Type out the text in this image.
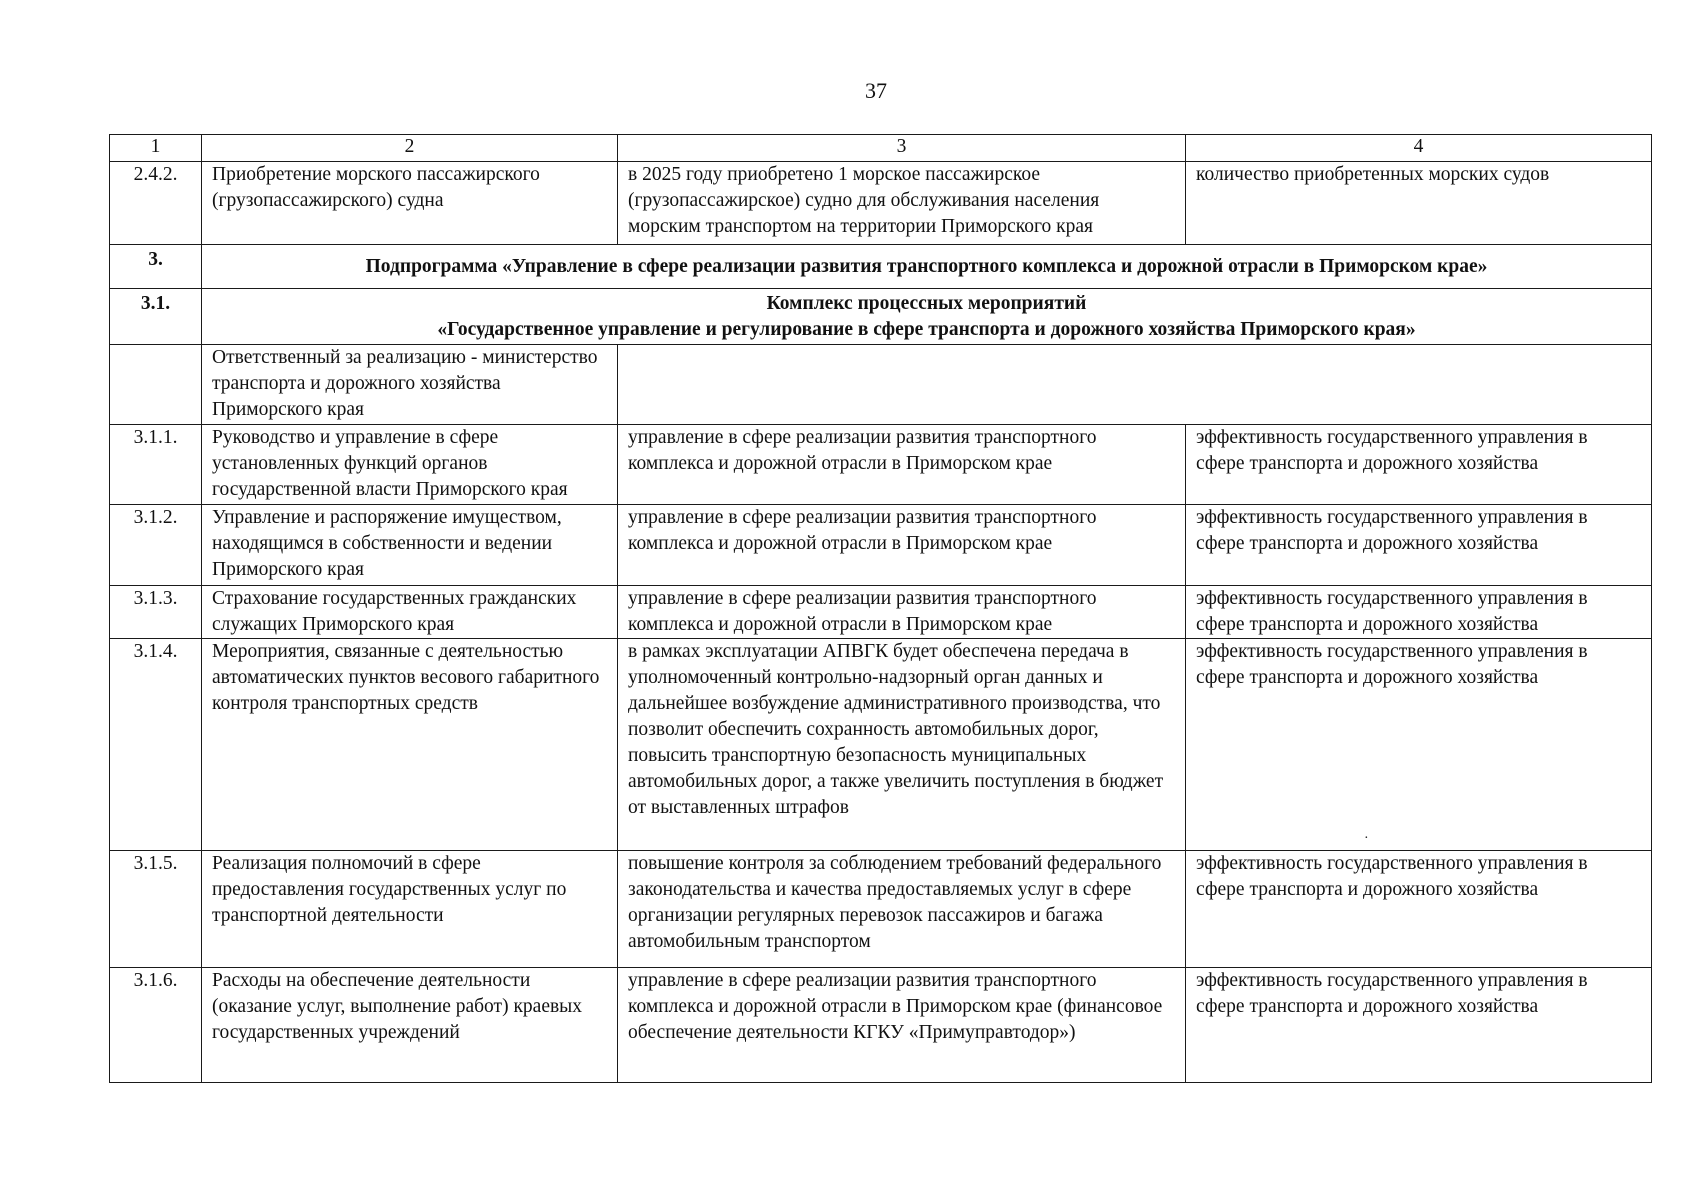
37
1	2	3	4
2.4.2.	Приобретение морского пассажирского (грузопассажирского) судна	в 2025 году приобретено 1 морское пассажирское (грузопассажирское) судно для обслуживания населения морским транспортом на территории Приморского края	количество приобретенных морских судов
3.	Подпрограмма «Управление в сфере реализации развития транспортного комплекса и дорожной отрасли в Приморском крае»		
3.1.	Комплекс процессных мероприятий
«Государственное управление и регулирование в сфере транспорта и дорожного хозяйства Приморского края»		

	Ответственный за реализацию - министерство транспорта и дорожного хозяйства Приморского края		
3.1.1.	Руководство и управление в сфере установленных функций органов государственной власти Приморского края	управление в сфере реализации развития транспортного комплекса и дорожной отрасли в Приморском крае	эффективность государственного управления в сфере транспорта и дорожного хозяйства
3.1.2.	Управление и распоряжение имуществом, находящимся в собственности и ведении Приморского края	управление в сфере реализации развития транспортного комплекса и дорожной отрасли в Приморском крае	эффективность государственного управления в сфере транспорта и дорожного хозяйства
3.1.3.	Страхование государственных гражданских служащих Приморского края	управление в сфере реализации развития транспортного комплекса и дорожной отрасли в Приморском крае	эффективность государственного управления в сфере транспорта и дорожного хозяйства
3.1.4.	Мероприятия, связанные с деятельностью автоматических пунктов весового габаритного контроля транспортных средств	в рамках эксплуатации АПВГК будет обеспечена передача в уполномоченный контрольно-надзорный орган данных и дальнейшее возбуждение административного производства, что позволит обеспечить сохранность автомобильных дорог, повысить транспортную безопасность муниципальных автомобильных дорог, а также увеличить поступления в бюджет от выставленных штрафов	эффективность государственного управления в сфере транспорта и дорожного хозяйства
3.1.5.	Реализация полномочий в сфере предоставления государственных услуг по транспортной деятельности	повышение контроля за соблюдением требований федерального законодательства и качества предоставляемых услуг в сфере организации регулярных перевозок пассажиров и багажа автомобильным транспортом	эффективность государственного управления в сфере транспорта и дорожного хозяйства
3.1.6.	Расходы на обеспечение деятельности (оказание услуг, выполнение работ) краевых государственных учреждений	управление в сфере реализации развития транспортного комплекса и дорожной отрасли в Приморском крае (финансовое обеспечение деятельности КГКУ «Примуправтодор»)	эффективность государственного управления в сфере транспорта и дорожного хозяйства
·
